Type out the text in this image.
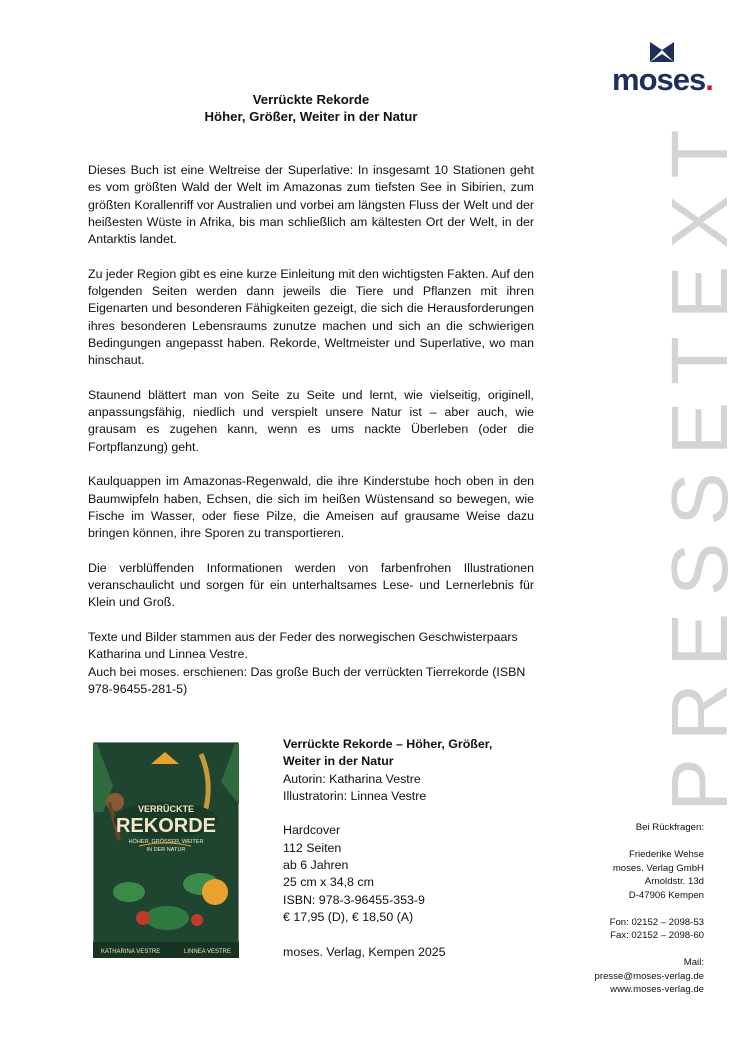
moses.
PRESSETEXT
Verrückte Rekorde
Höher, Größer, Weiter in der Natur

Dieses Buch ist eine Weltreise der Superlative: In insgesamt 10 Stationen geht es vom größten Wald der Welt im Amazonas zum tiefsten See in Sibirien, zum größten Korallenriff vor Australien und vorbei am längsten Fluss der Welt und der heißesten Wüste in Afrika, bis man schließlich am kältesten Ort der Welt, in der Antarktis landet.

Zu jeder Region gibt es eine kurze Einleitung mit den wichtigsten Fakten. Auf den folgenden Seiten werden dann jeweils die Tiere und Pflanzen mit ihren Eigenarten und besonderen Fähigkeiten gezeigt, die sich die Herausforderungen ihres besonderen Lebensraums zunutze machen und sich an die schwierigen Bedingungen angepasst haben. Rekorde, Weltmeister und Superlative, wo man hinschaut.

Staunend blättert man von Seite zu Seite und lernt, wie vielseitig, originell, anpassungsfähig, niedlich und verspielt unsere Natur ist – aber auch, wie grausam es zugehen kann, wenn es ums nackte Überleben (oder die Fortpflanzung) geht.

Kaulquappen im Amazonas-Regenwald, die ihre Kinderstube hoch oben in den Baumwipfeln haben, Echsen, die sich im heißen Wüstensand so bewegen, wie Fische im Wasser, oder fiese Pilze, die Ameisen auf grausame Weise dazu bringen können, ihre Sporen zu transportieren.

Die verblüffenden Informationen werden von farbenfrohen Illustrationen veranschaulicht und sorgen für ein unterhaltsames Lese- und Lernerlebnis für Klein und Groß.

Texte und Bilder stammen aus der Feder des norwegischen Geschwisterpaars Katharina und Linnea Vestre.

Auch bei moses. erschienen: Das große Buch der verrückten Tierrekorde (ISBN 978-96455-281-5)

VERRÜCKTE
REKORDE
HÖHER, GRÖSSER, WEITER
IN DER NATUR
KATHARINA VESTRE	LINNEA VESTRE
Verrückte Rekorde – Höher, Größer,
Weiter in der Natur
Autorin: Katharina Vestre
Illustratorin: Linnea Vestre
Hardcover
112 Seiten
ab 6 Jahren
25 cm x 34,8 cm
ISBN: 978-3-96455-353-9
€ 17,95 (D), € 18,50 (A)
moses. Verlag, Kempen 2025
Bei Rückfragen:
Friederike Wehse
moses. Verlag GmbH
Arnoldstr. 13d
D-47906 Kempen
Fon: 02152 – 2098-53
Fax: 02152 – 2098-60
Mail:
presse@moses-verlag.de
www.moses-verlag.de
